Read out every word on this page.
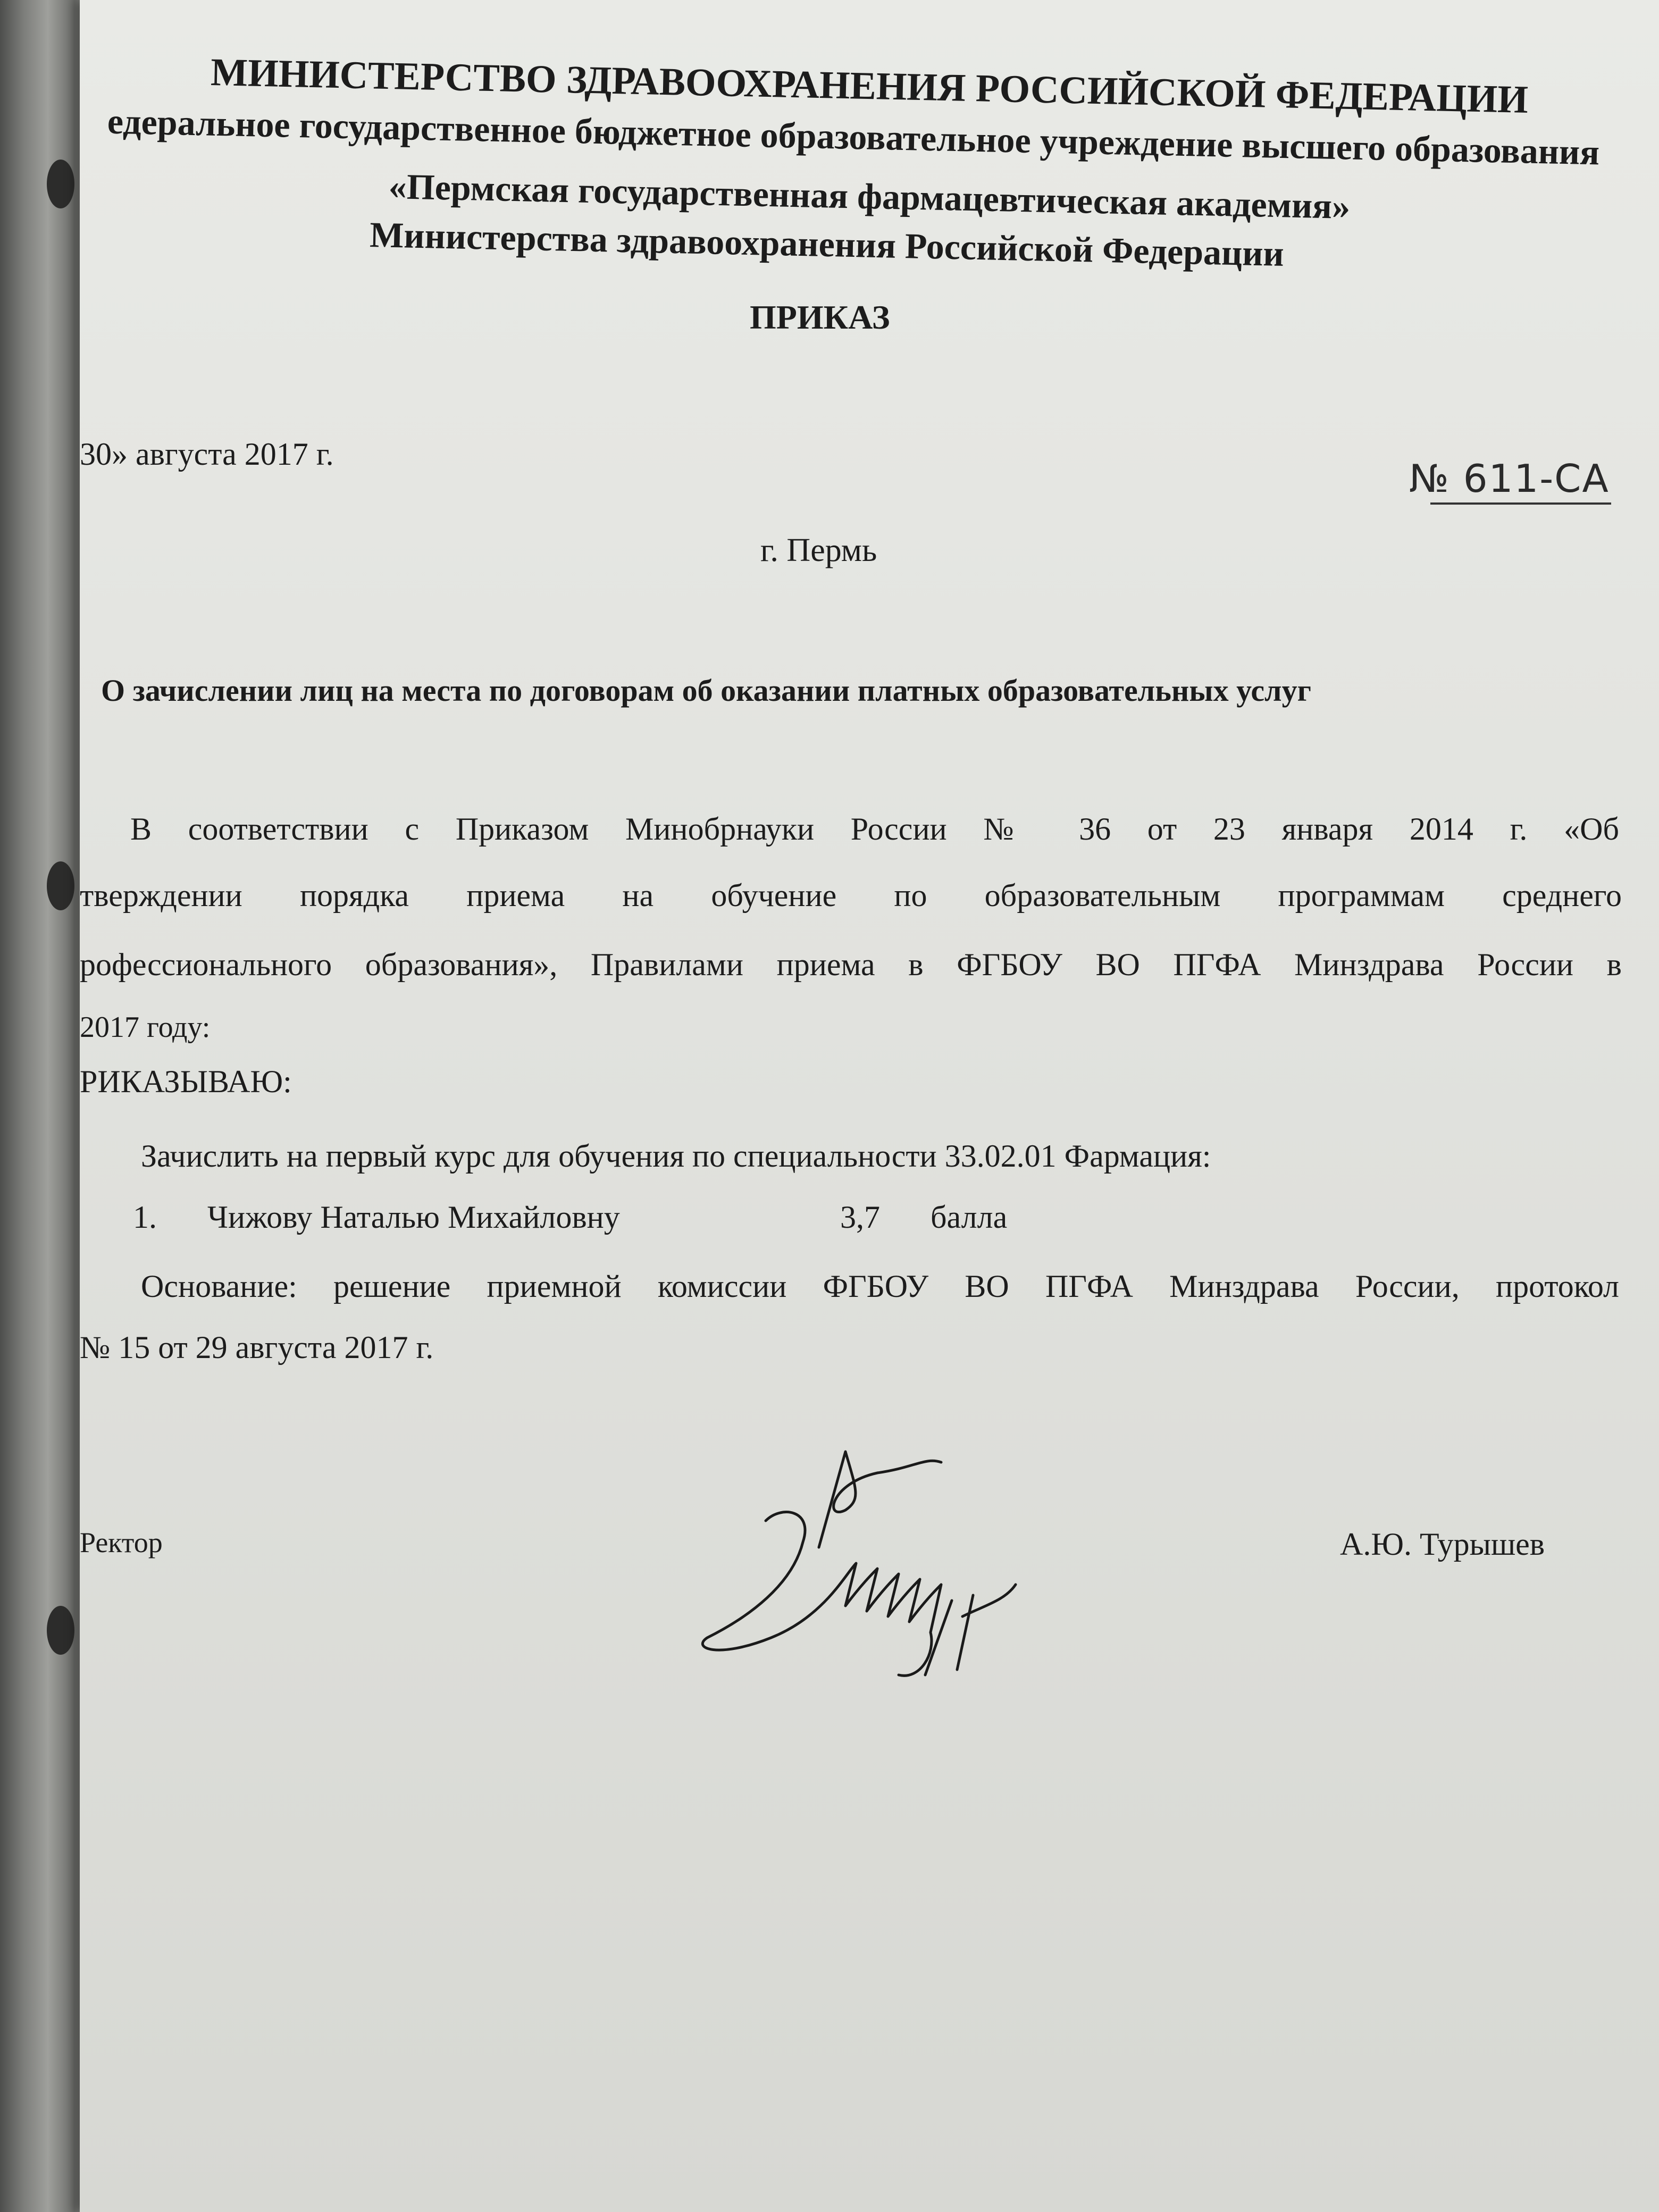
МИНИСТЕРСТВО ЗДРАВООХРАНЕНИЯ РОССИЙСКОЙ ФЕДЕРАЦИИ
едеральное государственное бюджетное образовательное учреждение высшего образования
«Пермская государственная фармацевтическая академия»
Министерства здравоохранения Российской Федерации
ПРИКАЗ
30» августа 2017 г.
№ 611-СА
г. Пермь
О зачислении лиц на места по договорам об оказании платных образовательных услуг
В соответствии с Приказом Минобрнауки России № 36 от 23 января 2014 г. «Об
тверждении порядка приема на обучение по образовательным программам среднего
рофессионального образования», Правилами приема в ФГБОУ ВО ПГФА Минздрава России в
2017 году:
РИКАЗЫВАЮ:
Зачислить на первый курс для обучения по специальности 33.02.01 Фармация:
1. Чижову Наталью Михайловну	3,7 балла
Основание: решение приемной комиссии ФГБОУ ВО ПГФА Минздрава России, протокол
№ 15 от 29 августа 2017 г.
Ректор	А.Ю. Турышев
